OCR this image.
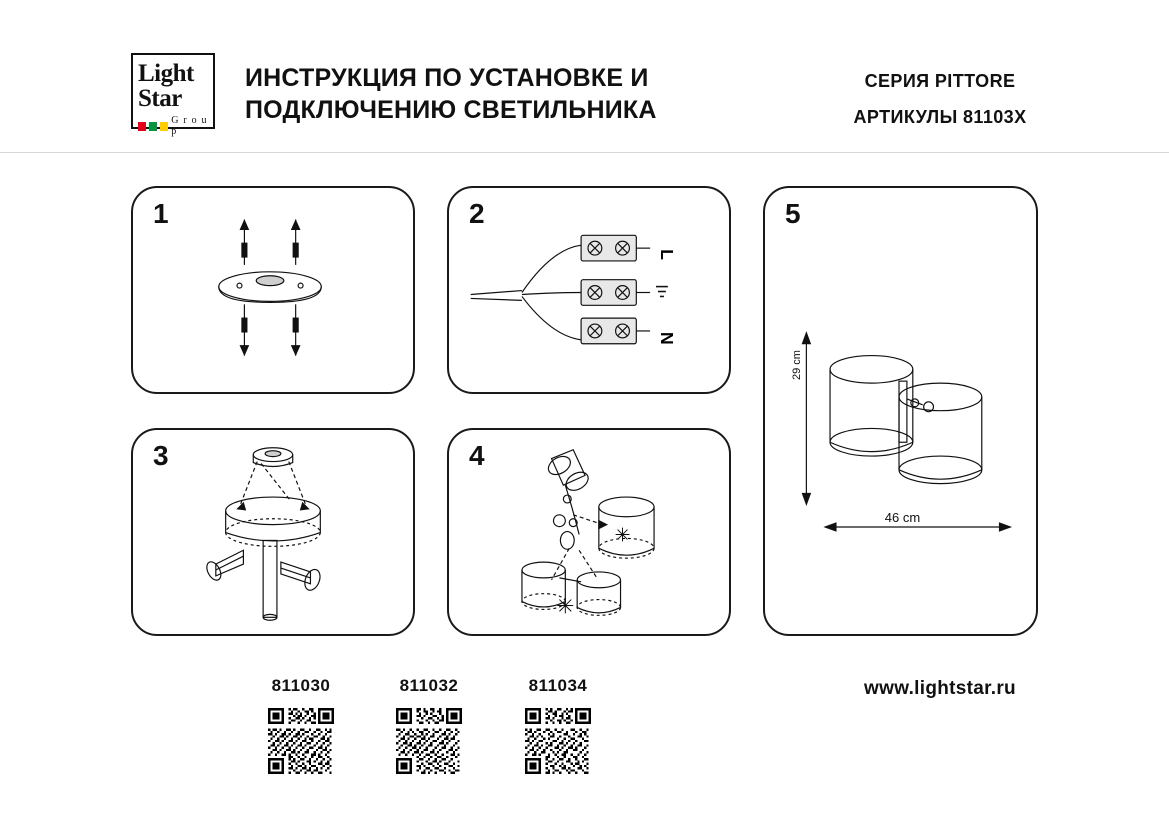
Light
Star
G r o u p
ИНСТРУКЦИЯ ПО УСТАНОВКЕ И ПОДКЛЮЧЕНИЮ СВЕТИЛЬНИКА
СЕРИЯ PITTORE
АРТИКУЛЫ 81103Х
1	2
L
N
3	4
5
29 cm
46 cm
811030	811032	811034	www.lightstar.ru
